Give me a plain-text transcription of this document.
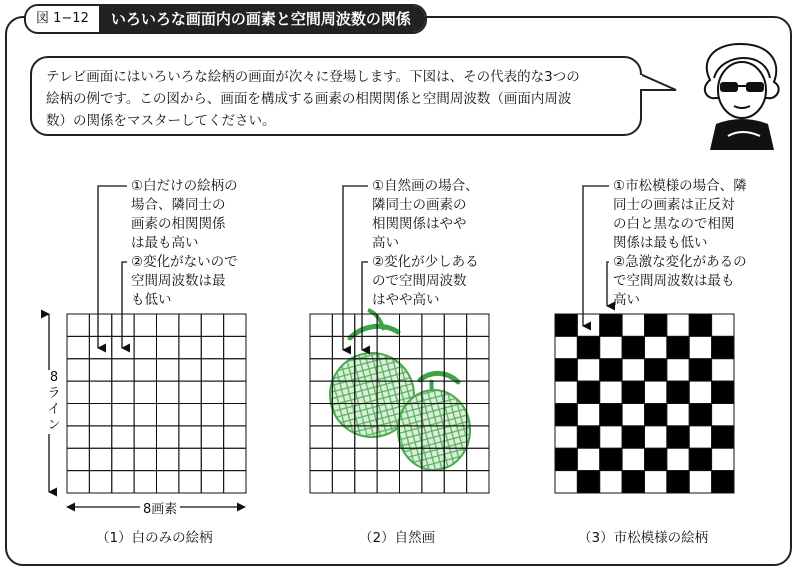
図 1−12	いろいろな画面内の画素と空間周波数の関係
テレビ画面にはいろいろな絵柄の画面が次々に登場します。下図は、その代表的な3つの
絵柄の例です。この図から、画面を構成する画素の相関関係と空間周波数（画面内周波
数）の関係をマスターしてください。
①白だけの絵柄の
場合、隣同士の
画素の相関関係
は最も高い
②変化がないので
空間周波数は最
も低い
①自然画の場合、
隣同士の画素の
相関関係はやや
高い
②変化が少しある
ので空間周波数
はやや高い
①市松模様の場合、隣
同士の画素は正反対
の白と黒なので相関
関係は最も低い
②急激な変化があるの
で空間周波数は最も
高い
8ライン
8画素
（1）白のみの絵柄	（2）自然画	（3）市松模様の絵柄
